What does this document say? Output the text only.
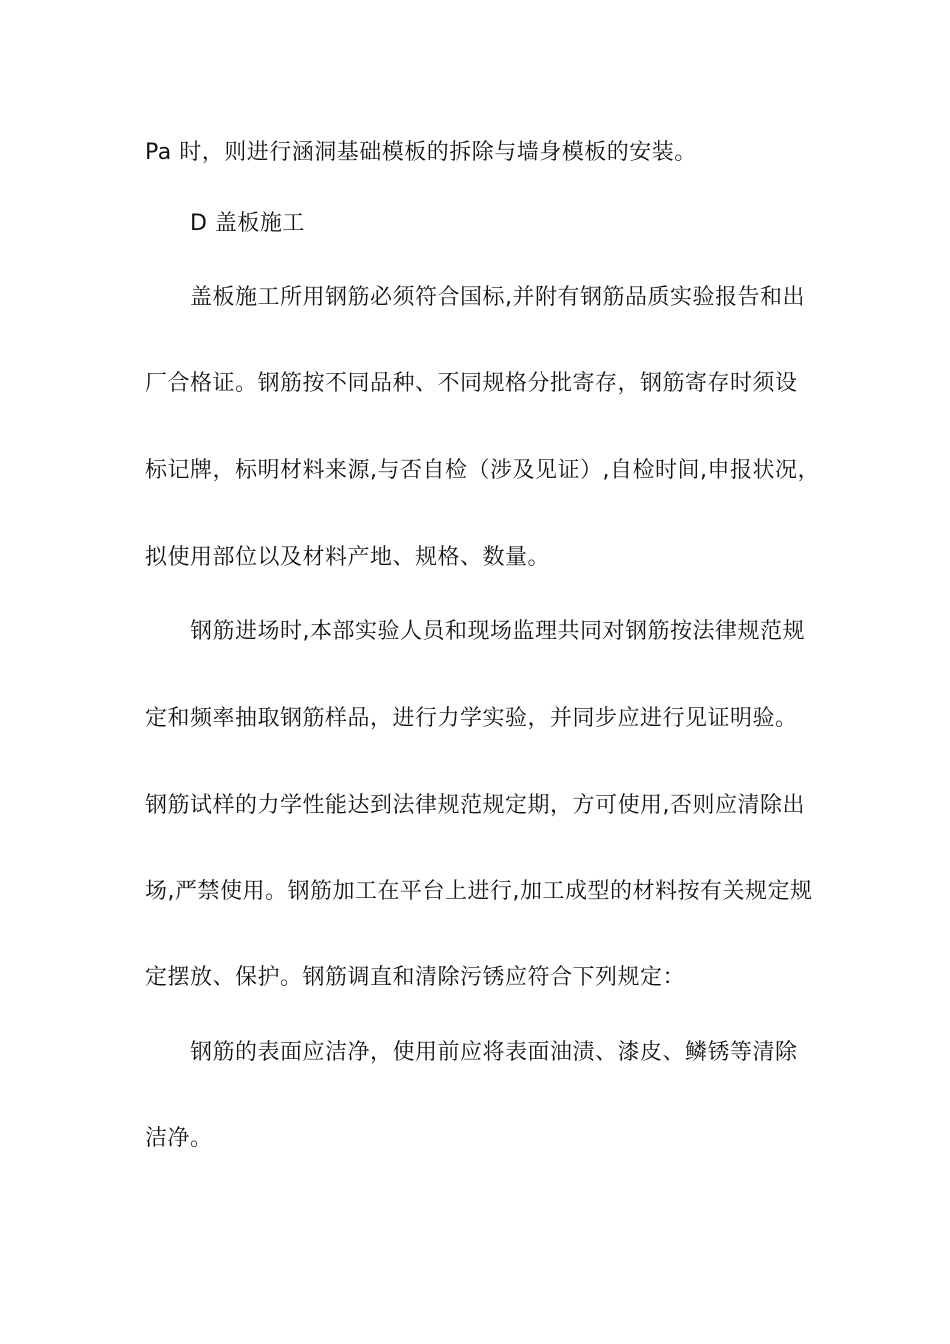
Pa 时，则进行涵洞基础模板的拆除与墙身模板的安装。
D 盖板施工
盖板施工所用钢筋必须符合国标,并附有钢筋品质实验报告和出
厂合格证。钢筋按不同品种、不同规格分批寄存，钢筋寄存时须设
标记牌，标明材料来源,与否自检（涉及见证）,自检时间,申报状况，
拟使用部位以及材料产地、规格、数量。
钢筋进场时,本部实验人员和现场监理共同对钢筋按法律规范规
定和频率抽取钢筋样品，进行力学实验，并同步应进行见证明验。
钢筋试样的力学性能达到法律规范规定期，方可使用,否则应清除出
场,严禁使用。钢筋加工在平台上进行,加工成型的材料按有关规定规
定摆放、保护。钢筋调直和清除污锈应符合下列规定：
钢筋的表面应洁净，使用前应将表面油渍、漆皮、鳞锈等清除
洁净。
